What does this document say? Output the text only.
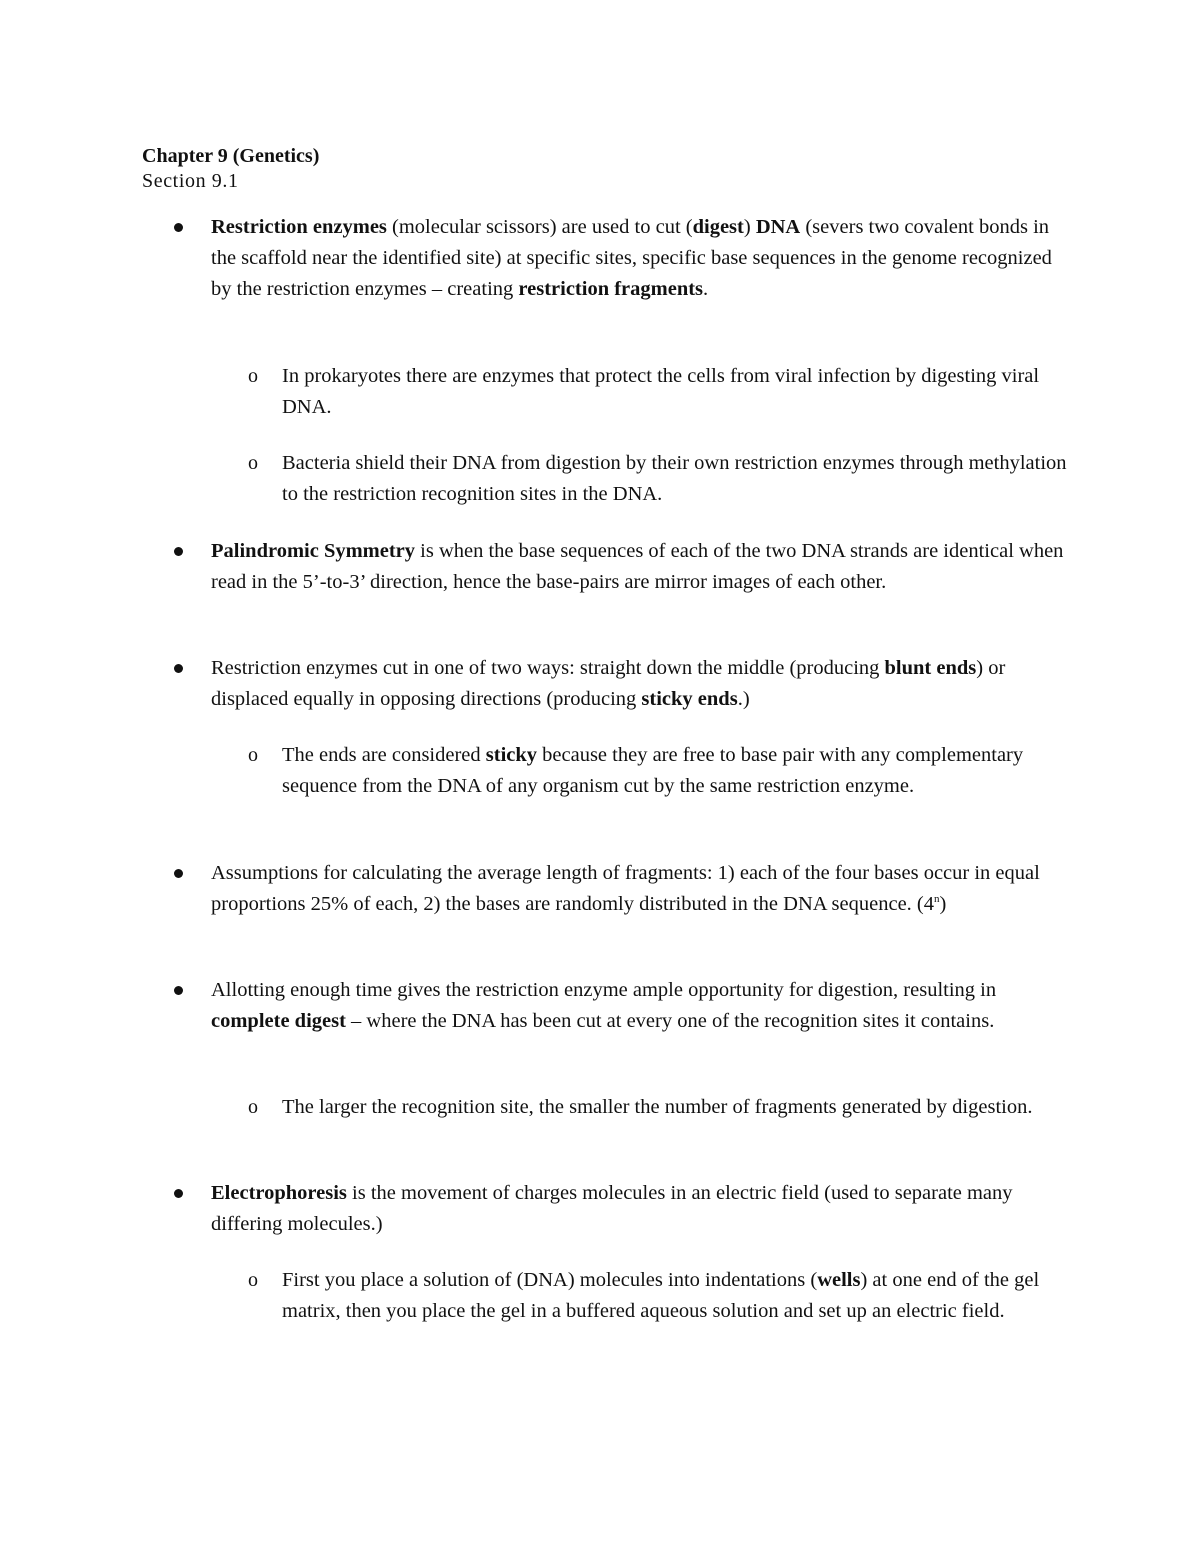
Chapter 9 (Genetics)
Section 9.1
Restriction enzymes (molecular scissors) are used to cut (digest) DNA (severs two covalent bonds in the scaffold near the identified site) at specific sites, specific base sequences in the genome recognized by the restriction enzymes – creating restriction fragments.
o In prokaryotes there are enzymes that protect the cells from viral infection by digesting viral DNA.
o Bacteria shield their DNA from digestion by their own restriction enzymes through methylation to the restriction recognition sites in the DNA.
Palindromic Symmetry is when the base sequences of each of the two DNA strands are identical when read in the 5’-to-3’ direction, hence the base-pairs are mirror images of each other.
Restriction enzymes cut in one of two ways: straight down the middle (producing blunt ends) or displaced equally in opposing directions (producing sticky ends.)
o The ends are considered sticky because they are free to base pair with any complementary sequence from the DNA of any organism cut by the same restriction enzyme.
Assumptions for calculating the average length of fragments: 1) each of the four bases occur in equal proportions 25% of each, 2) the bases are randomly distributed in the DNA sequence. (4$^n$)
Allotting enough time gives the restriction enzyme ample opportunity for digestion, resulting in complete digest – where the DNA has been cut at every one of the recognition sites it contains.
o The larger the recognition site, the smaller the number of fragments generated by digestion.
Electrophoresis is the movement of charges molecules in an electric field (used to separate many differing molecules.)
o First you place a solution of (DNA) molecules into indentations (wells) at one end of the gel matrix, then you place the gel in a buffered aqueous solution and set up an electric field.
